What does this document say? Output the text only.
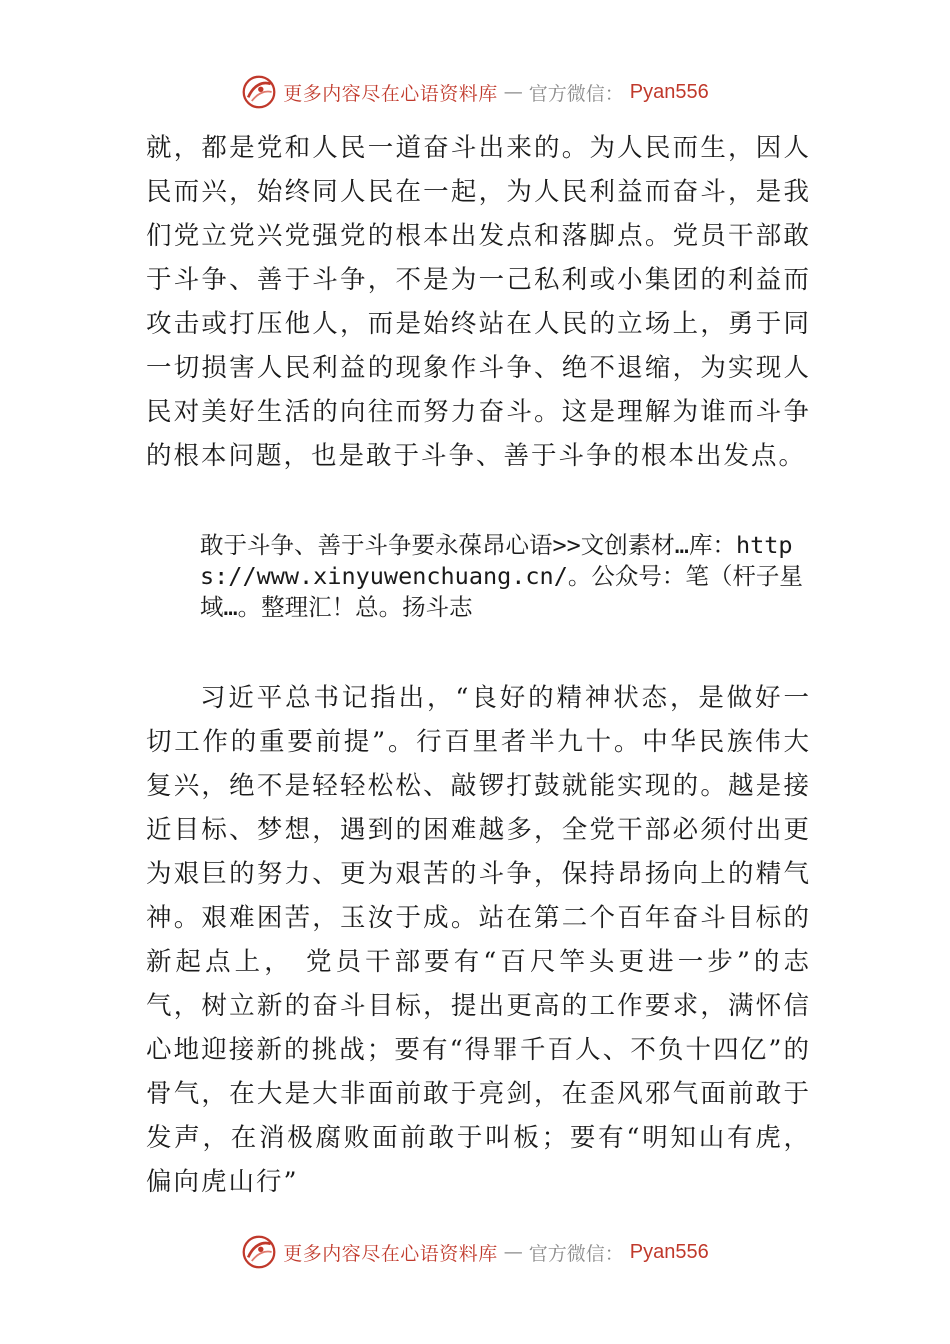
更多内容尽在心语资料库 — 官方微信： Pyan556

就，都是党和人民一道奋斗出来的。为人民而生，因人民而兴，始终同人民在一起，为人民利益而奋斗，是我们党立党兴党强党的根本出发点和落脚点。党员干部敢于斗争、善于斗争，不是为一己私利或小集团的利益而攻击或打压他人，而是始终站在人民的立场上，勇于同一切损害人民利益的现象作斗争、绝不退缩，为实现人民对美好生活的向往而努力奋斗。这是理解为谁而斗争的根本问题，也是敢于斗争、善于斗争的根本出发点。

敢于斗争、善于斗争要永葆昂心语>>文创素材…库：https://www.xinyuwenchuang.cn/。公众号：笔（杆子星域…。整理汇！总。扬斗志

习近平总书记指出，“良好的精神状态，是做好一切工作的重要前提”。行百里者半九十。中华民族伟大复兴，绝不是轻轻松松、敲锣打鼓就能实现的。越是接近目标、梦想，遇到的困难越多，全党干部必须付出更为艰巨的努力、更为艰苦的斗争，保持昂扬向上的精气神。艰难困苦，玉汝于成。站在第二个百年奋斗目标的新起点上， 党员干部要有“百尺竿头更进一步”的志气，树立新的奋斗目标，提出更高的工作要求，满怀信心地迎接新的挑战；要有“得罪千百人、不负十四亿”的骨气，在大是大非面前敢于亮剑，在歪风邪气面前敢于发声，在消极腐败面前敢于叫板；要有“明知山有虎，偏向虎山行”

更多内容尽在心语资料库 — 官方微信： Pyan556
